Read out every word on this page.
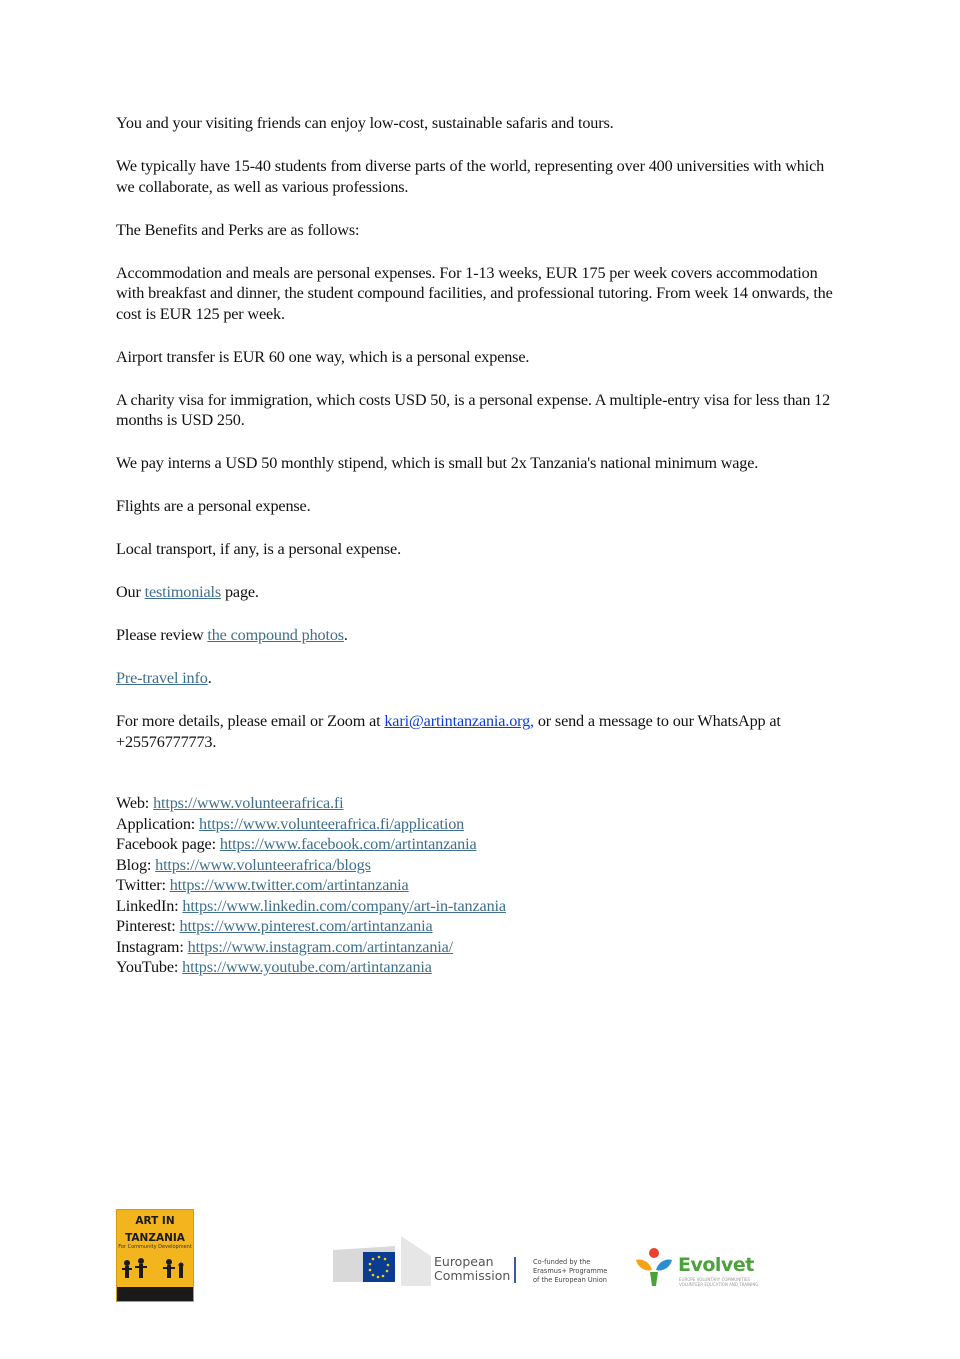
You and your visiting friends can enjoy low-cost, sustainable safaris and tours.

We typically have 15-40 students from diverse parts of the world, representing over 400 universities with which we collaborate, as well as various professions.

The Benefits and Perks are as follows:

Accommodation and meals are personal expenses. For 1-13 weeks, EUR 175 per week covers accommodation with breakfast and dinner, the student compound facilities, and professional tutoring. From week 14 onwards, the cost is EUR 125 per week.

Airport transfer is EUR 60 one way, which is a personal expense.

A charity visa for immigration, which costs USD 50, is a personal expense. A multiple-entry visa for less than 12 months is USD 250.

We pay interns a USD 50 monthly stipend, which is small but 2x Tanzania's national minimum wage.

Flights are a personal expense.

Local transport, if any, is a personal expense.

Our testimonials page.

Please review the compound photos.

Pre-travel info.

For more details, please email or Zoom at kari@artintanzania.org, or send a message to our WhatsApp at +25576777773.

Web: https://www.volunteerafrica.fi
Application: https://www.volunteerafrica.fi/application
Facebook page: https://www.facebook.com/artintanzania
Blog: https://www.volunteerafrica/blogs
Twitter: https://www.twitter.com/artintanzania
LinkedIn: https://www.linkedin.com/company/art-in-tanzania
Pinterest: https://www.pinterest.com/artintanzania
Instagram: https://www.instagram.com/artintanzania/
YouTube: https://www.youtube.com/artintanzania
ART IN
TANZANIA
For Community Development
European
Commission
Co-funded by the
Erasmus+ Programme
of the European Union
Evolvet
EUROPE VOLUNTARY COMMUNITIES
VOLUNTEER EDUCATION AND TRAINING
